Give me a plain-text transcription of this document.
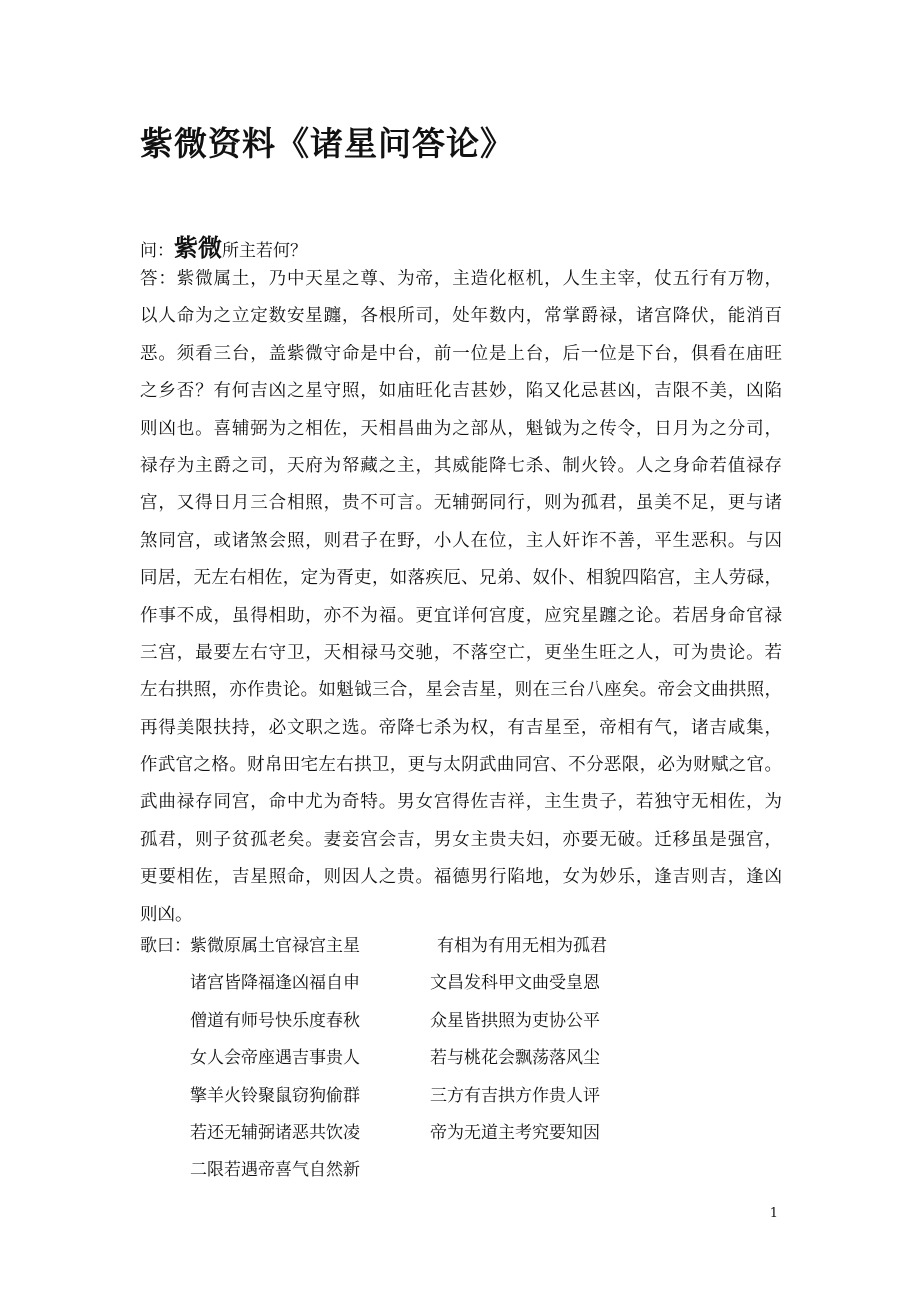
紫微资料《诸星问答论》
问：紫微所主若何？
答：紫微属土，乃中天星之尊、为帝，主造化枢机，人生主宰，仗五行有万物，
以人命为之立定数安星躔，各根所司，处年数内，常掌爵禄，诸宫降伏，能消百
恶。须看三台，盖紫微守命是中台，前一位是上台，后一位是下台，俱看在庙旺
之乡否？有何吉凶之星守照，如庙旺化吉甚妙，陷又化忌甚凶，吉限不美，凶陷
则凶也。喜辅弼为之相佐，天相昌曲为之部从，魁钺为之传令，日月为之分司，
禄存为主爵之司，天府为帑藏之主，其威能降七杀、制火铃。人之身命若值禄存
宫，又得日月三合相照，贵不可言。无辅弼同行，则为孤君，虽美不足，更与诸
煞同宫，或诸煞会照，则君子在野，小人在位，主人奸诈不善，平生恶积。与囚
同居，无左右相佐，定为胥吏，如落疾厄、兄弟、奴仆、相貌四陷宫，主人劳碌，
作事不成，虽得相助，亦不为福。更宜详何宫度，应究星躔之论。若居身命官禄
三宫，最要左右守卫，天相禄马交驰，不落空亡，更坐生旺之人，可为贵论。若
左右拱照，亦作贵论。如魁钺三合，星会吉星，则在三台八座矣。帝会文曲拱照，
再得美限扶持，必文职之选。帝降七杀为权，有吉星至，帝相有气，诸吉咸集，
作武官之格。财帛田宅左右拱卫，更与太阴武曲同宫、不分恶限，必为财赋之官。
武曲禄存同宫，命中尤为奇特。男女宫得佐吉祥，主生贵子，若独守无相佐，为
孤君，则子贫孤老矣。妻妾宫会吉，男女主贵夫妇，亦要无破。迁移虽是强宫，
更要相佐，吉星照命，则因人之贵。福德男行陷地，女为妙乐，逢吉则吉，逢凶
则凶。
歌曰： 紫微原属土官禄宫主星	有相为有用无相为孤君
诸宫皆降福逢凶福自申	文昌发科甲文曲受皇恩
僧道有师号快乐度春秋	众星皆拱照为吏协公平
女人会帝座遇吉事贵人	若与桃花会飘荡落风尘
擎羊火铃聚鼠窃狗偷群	三方有吉拱方作贵人评
若还无辅弼诸恶共饮凌	帝为无道主考究要知因
二限若遇帝喜气自然新
1
